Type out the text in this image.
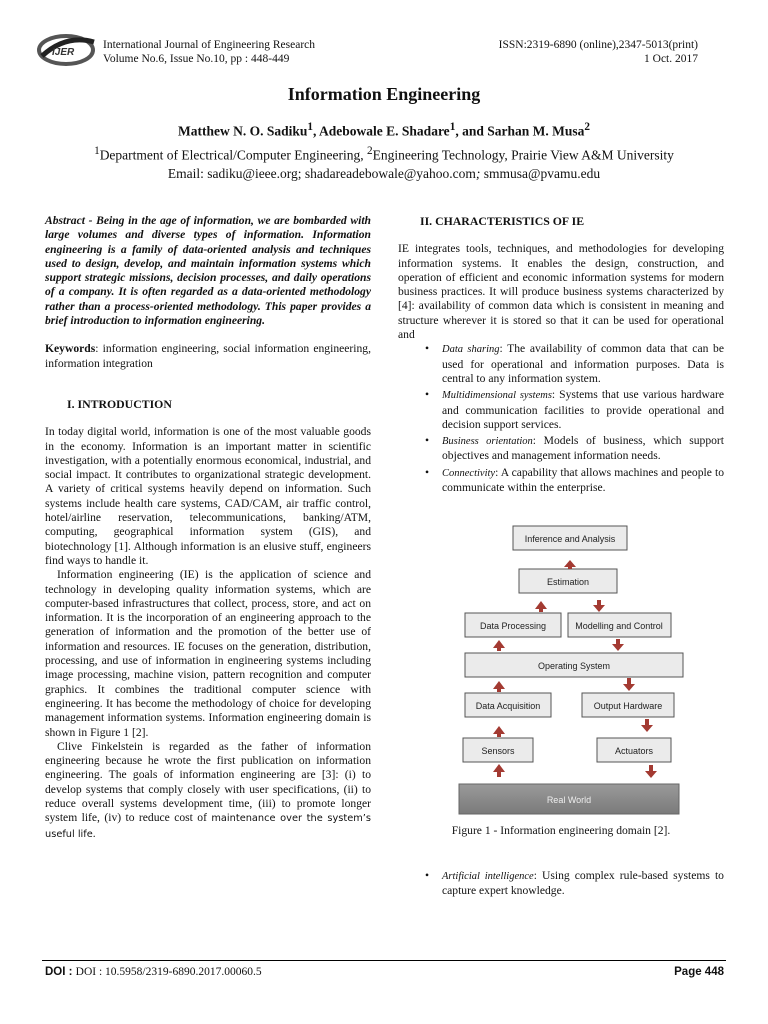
IJER
International Journal of Engineering Research
Volume No.6, Issue No.10, pp : 448-449
ISSN:2319-6890 (online),2347-5013(print)
1 Oct. 2017
Information Engineering
Matthew N. O. Sadiku$^1$, Adebowale E. Shadare$^1$, and Sarhan M. Musa$^2$
$^1$Department of Electrical/Computer Engineering, $^2$Engineering Technology, Prairie View A&M University
Email: sadiku@ieee.org; shadareadebowale@yahoo.com; smmusa@pvamu.edu

Abstract - Being in the age of information, we are bombarded with large volumes and diverse types of information. Information engineering is a family of data-oriented analysis and techniques used to design, develop, and maintain information systems which support strategic missions, decision processes, and daily operations of a company. It is often regarded as a data-oriented methodology rather than a process-oriented methodology. This paper provides a brief introduction to information engineering.

Keywords: information engineering, social information engineering, information integration

I. INTRODUCTION

In today digital world, information is one of the most valuable goods in the economy. Information is an important matter in scientific investigation, with a potentially enormous economical, industrial, and social impact. It contributes to organizational strategic development. A variety of critical systems heavily depend on information. Such systems include health care systems, CAD/CAM, air traffic control, hotel/airline reservation, telecommunications, banking/ATM, computing, geographical information system (GIS), and biotechnology [1]. Although information is an elusive stuff, engineers find ways to handle it.

Information engineering (IE) is the application of science and technology in developing quality information systems, which are computer-based infrastructures that collect, process, store, and act on information. It is the incorporation of an engineering approach to the generation of information and the promotion of the better use of information and resources. IE focuses on the generation, distribution, processing, and use of information in engineering systems including image processing, machine vision, pattern recognition and computer graphics. It combines the traditional computer science with engineering. It has become the methodology of choice for developing management information systems. Information engineering domain is shown in Figure 1 [2].

Clive Finkelstein is regarded as the father of information engineering because he wrote the first publication on information engineering. The goals of information engineering are [3]: (i) to develop systems that comply closely with user specifications, (ii) to reduce overall systems development time, (iii) to promote longer system life, (iv) to reduce cost of maintenance over the system’s useful life.

II. CHARACTERISTICS OF IE

IE integrates tools, techniques, and methodologies for developing information systems. It enables the design, construction, and operation of efficient and economic information systems for modern business practices. It will produce business systems characterized by [4]: availability of common data which is consistent in meaning and structure wherever it is stored so that it can be used for operational and

• Data sharing: The availability of common data that can be used for operational and information purposes. Data is central to any information system.
• Multidimensional systems: Systems that use various hardware and communication facilities to provide operational and decision support services.
• Business orientation: Models of business, which support objectives and management information needs.
• Connectivity: A capability that allows machines and people to communicate within the enterprise.
Inference and Analysis
Estimation
Data Processing	Modelling and Control
Operating System
Data Acquisition	Output Hardware
Sensors	Actuators
Real World
Figure 1 - Information engineering domain [2].
• Artificial intelligence: Using complex rule-based systems to capture expert knowledge.
DOI : DOI : 10.5958/2319-6890.2017.00060.5	Page 448
